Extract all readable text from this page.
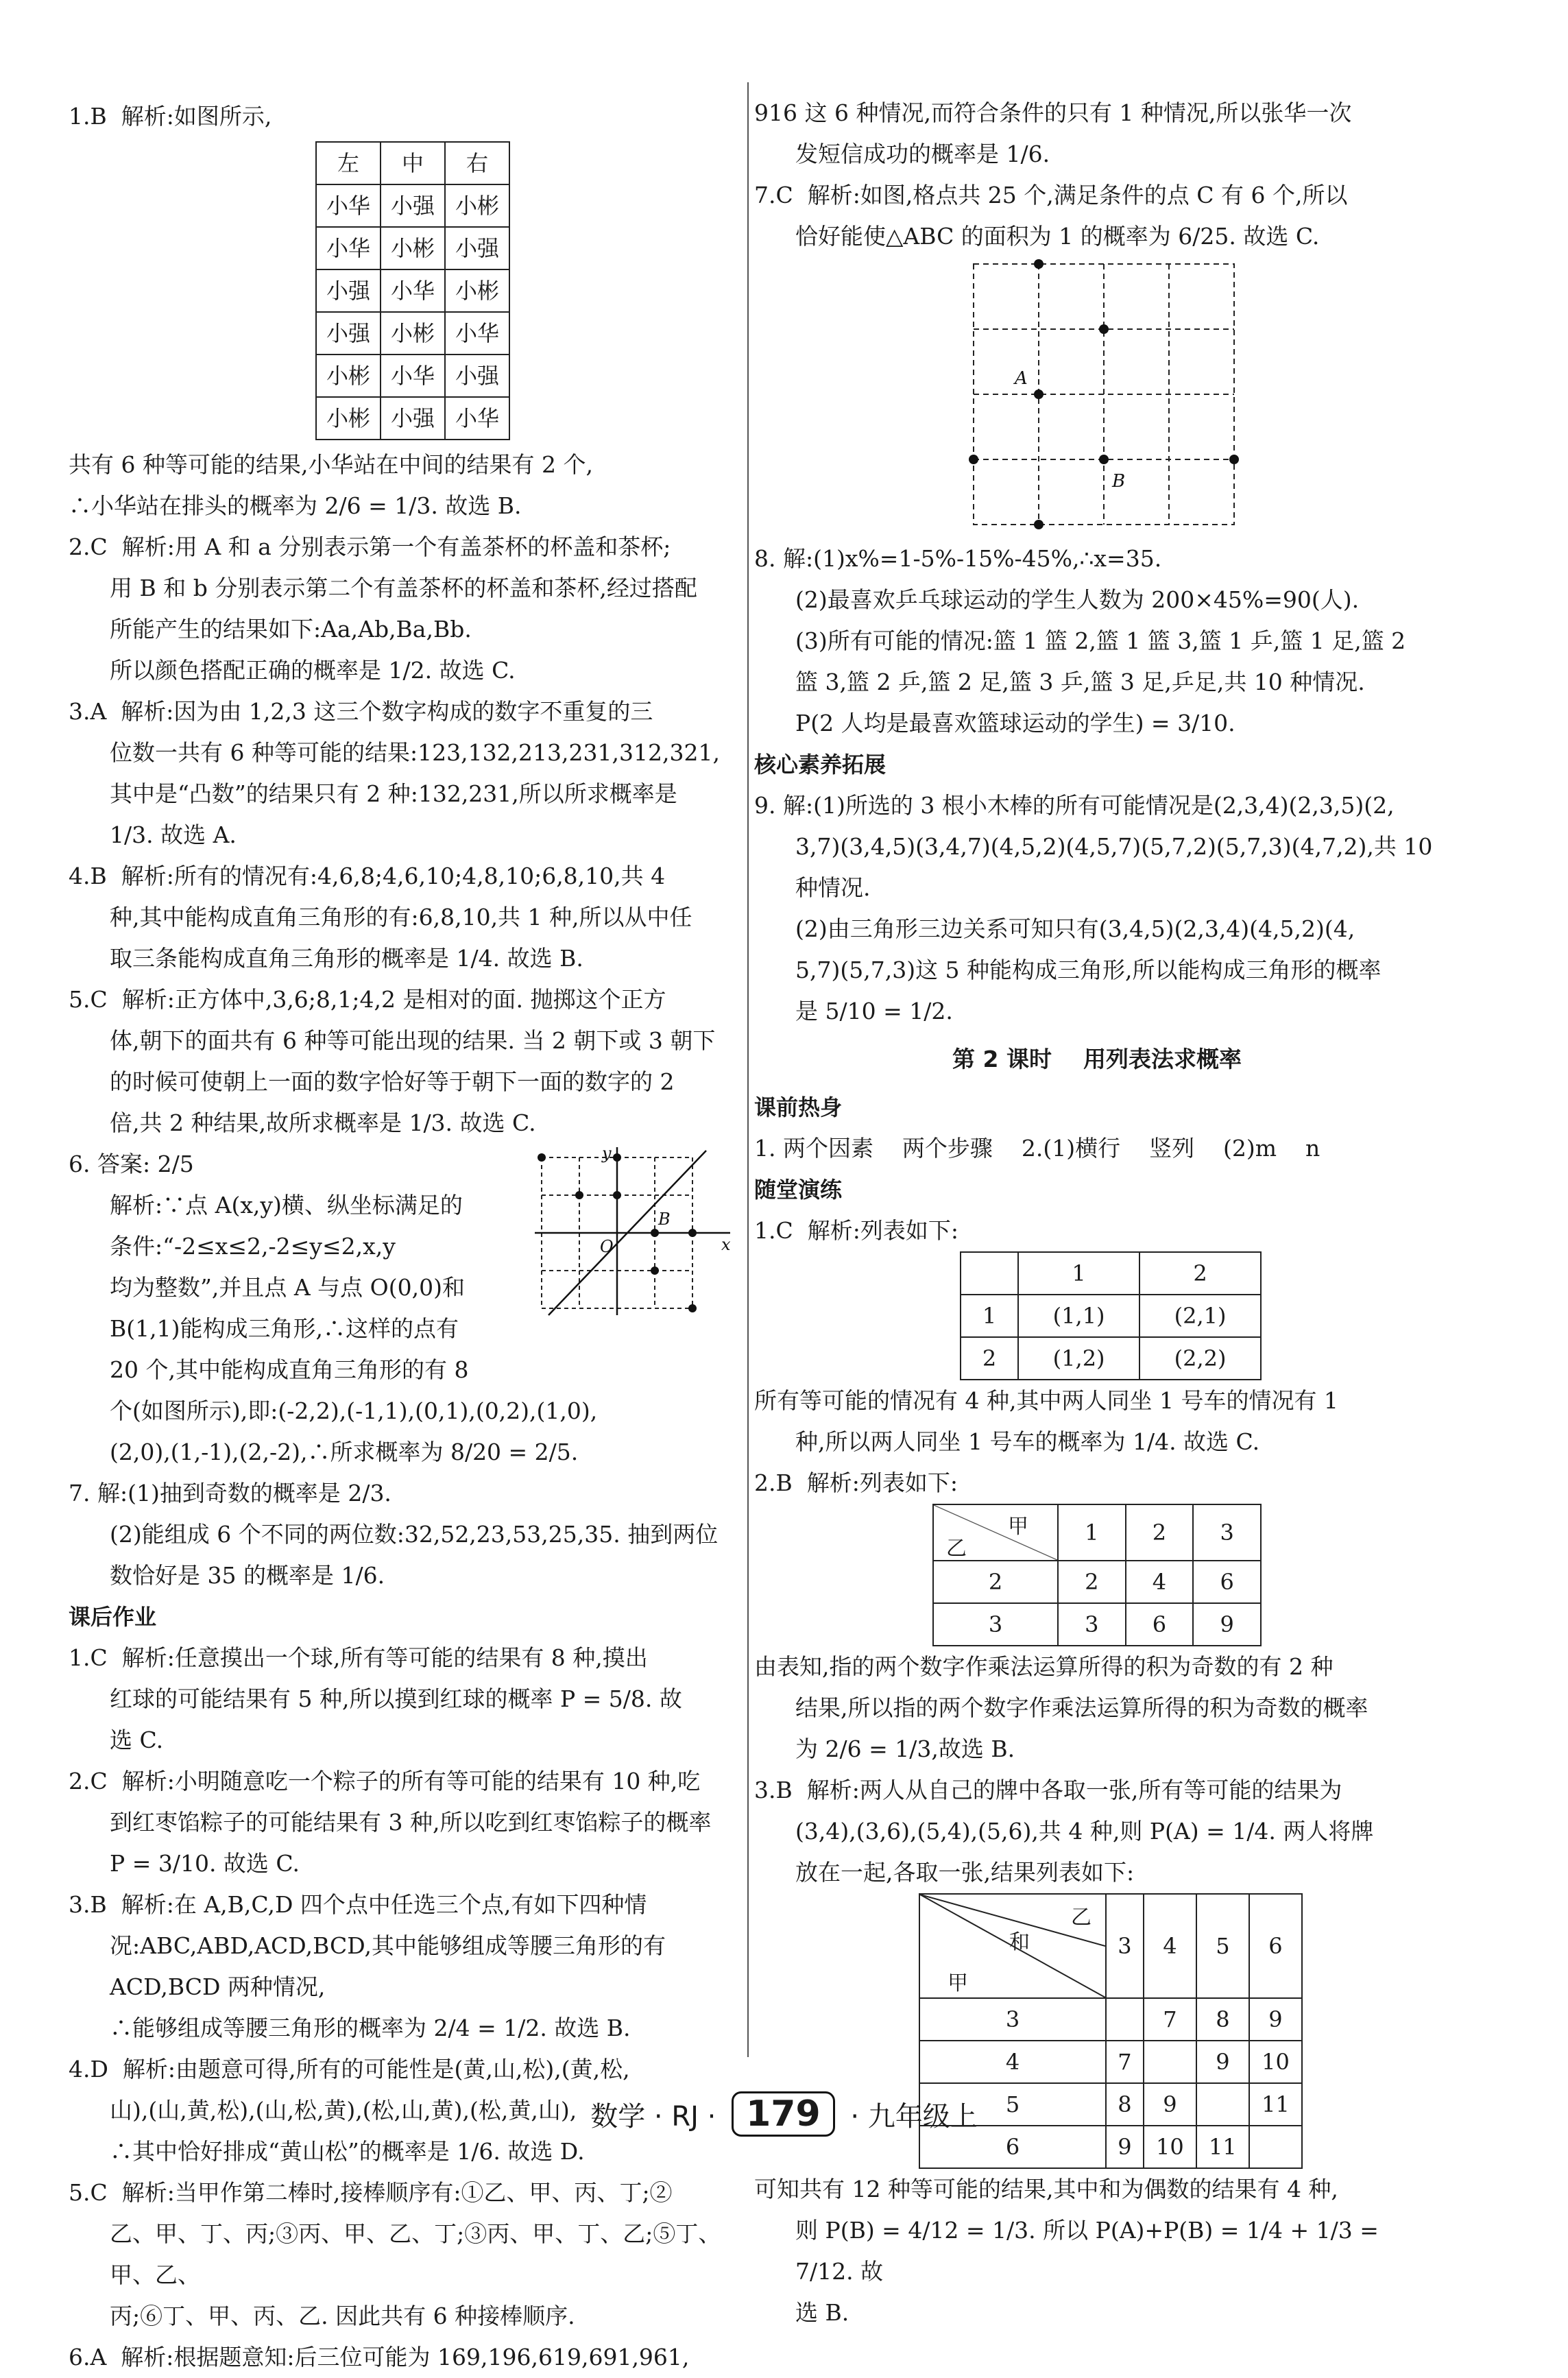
1.B  解析:如图所示,

左	中	右
小华	小强	小彬
小华	小彬	小强
小强	小华	小彬
小强	小彬	小华
小彬	小华	小强
小彬	小强	小华

共有 6 种等可能的结果,小华站在中间的结果有 2 个,

∴小华站在排头的概率为 2/6 = 1/3. 故选 B.

2.C  解析:用 A 和 a 分别表示第一个有盖茶杯的杯盖和茶杯;

用 B 和 b 分别表示第二个有盖茶杯的杯盖和茶杯,经过搭配

所能产生的结果如下:Aa,Ab,Ba,Bb.

所以颜色搭配正确的概率是 1/2. 故选 C.

3.A  解析:因为由 1,2,3 这三个数字构成的数字不重复的三

位数一共有 6 种等可能的结果:123,132,213,231,312,321,

其中是“凸数”的结果只有 2 种:132,231,所以所求概率是

1/3. 故选 A.

4.B  解析:所有的情况有:4,6,8;4,6,10;4,8,10;6,8,10,共 4

种,其中能构成直角三角形的有:6,8,10,共 1 种,所以从中任

取三条能构成直角三角形的概率是 1/4. 故选 B.

5.C  解析:正方体中,3,6;8,1;4,2 是相对的面. 抛掷这个正方

体,朝下的面共有 6 种等可能出现的结果. 当 2 朝下或 3 朝下

的时候可使朝上一面的数字恰好等于朝下一面的数字的 2

倍,共 2 种结果,故所求概率是 1/3. 故选 C.

6. 答案: 2/5

解析:∵点 A(x,y)横、纵坐标满足的

条件:“-2≤x≤2,-2≤y≤2,x,y

均为整数”,并且点 A 与点 O(0,0)和

B(1,1)能构成三角形,∴这样的点有

20 个,其中能构成直角三角形的有 8

个(如图所示),即:(-2,2),(-1,1),(0,1),(0,2),(1,0),

(2,0),(1,-1),(2,-2),∴所求概率为 8/20 = 2/5.

x
y
O
B

7. 解:(1)抽到奇数的概率是 2/3.

(2)能组成 6 个不同的两位数:32,52,23,53,25,35. 抽到两位

数恰好是 35 的概率是 1/6.

课后作业

1.C  解析:任意摸出一个球,所有等可能的结果有 8 种,摸出

红球的可能结果有 5 种,所以摸到红球的概率 P = 5/8. 故

选 C.

2.C  解析:小明随意吃一个粽子的所有等可能的结果有 10 种,吃

到红枣馅粽子的可能结果有 3 种,所以吃到红枣馅粽子的概率

P = 3/10. 故选 C.

3.B  解析:在 A,B,C,D 四个点中任选三个点,有如下四种情

况:ABC,ABD,ACD,BCD,其中能够组成等腰三角形的有

ACD,BCD 两种情况,

∴能够组成等腰三角形的概率为 2/4 = 1/2. 故选 B.

4.D  解析:由题意可得,所有的可能性是(黄,山,松),(黄,松,

山),(山,黄,松),(山,松,黄),(松,山,黄),(松,黄,山),

∴其中恰好排成“黄山松”的概率是 1/6. 故选 D.

5.C  解析:当甲作第二棒时,接棒顺序有:①乙、甲、丙、丁;②

乙、甲、丁、丙;③丙、甲、乙、丁;③丙、甲、丁、乙;⑤丁、甲、乙、

丙;⑥丁、甲、丙、乙. 因此共有 6 种接棒顺序.

6.A  解析:根据题意知:后三位可能为 169,196,619,691,961,

916 这 6 种情况,而符合条件的只有 1 种情况,所以张华一次

发短信成功的概率是 1/6.

7.C  解析:如图,格点共 25 个,满足条件的点 C 有 6 个,所以

恰好能使△ABC 的面积为 1 的概率为 6/25. 故选 C.

A
B

8. 解:(1)x%=1-5%-15%-45%,∴x=35.

(2)最喜欢乒乓球运动的学生人数为 200×45%=90(人).

(3)所有可能的情况:篮 1 篮 2,篮 1 篮 3,篮 1 乒,篮 1 足,篮 2

篮 3,篮 2 乒,篮 2 足,篮 3 乒,篮 3 足,乒足,共 10 种情况.

P(2 人均是最喜欢篮球运动的学生) = 3/10.

核心素养拓展

9. 解:(1)所选的 3 根小木棒的所有可能情况是(2,3,4)(2,3,5)(2,

3,7)(3,4,5)(3,4,7)(4,5,2)(4,5,7)(5,7,2)(5,7,3)(4,7,2),共 10

种情况.

(2)由三角形三边关系可知只有(3,4,5)(2,3,4)(4,5,2)(4,

5,7)(5,7,3)这 5 种能构成三角形,所以能构成三角形的概率

是 5/10 = 1/2.

第 2 课时    用列表法求概率

课前热身

1. 两个因素    两个步骤    2.(1)横行    竖列    (2)m    n

随堂演练

1.C  解析:列表如下:

	1	2
1	(1,1)	(2,1)
2	(1,2)	(2,2)

所有等可能的情况有 4 种,其中两人同坐 1 号车的情况有 1

种,所以两人同坐 1 号车的概率为 1/4. 故选 C.

2.B  解析:列表如下:

甲
乙	1	2	3
2	2	4	6
3	3	6	9

由表知,指的两个数字作乘法运算所得的积为奇数的有 2 种

结果,所以指的两个数字作乘法运算所得的积为奇数的概率

为 2/6 = 1/3,故选 B.

3.B  解析:两人从自己的牌中各取一张,所有等可能的结果为

(3,4),(3,6),(5,4),(5,6),共 4 种,则 P(A) = 1/4. 两人将牌

放在一起,各取一张,结果列表如下:

乙
和
甲	3	4	5	6
3		7	8	9
4	7		9	10
5	8	9		11
6	9	10	11	

可知共有 12 种等可能的结果,其中和为偶数的结果有 4 种,

则 P(B) = 4/12 = 1/3. 所以 P(A)+P(B) = 1/4 + 1/3 = 7/12. 故

选 B.

数学 · RJ · 179 · 九年级上
